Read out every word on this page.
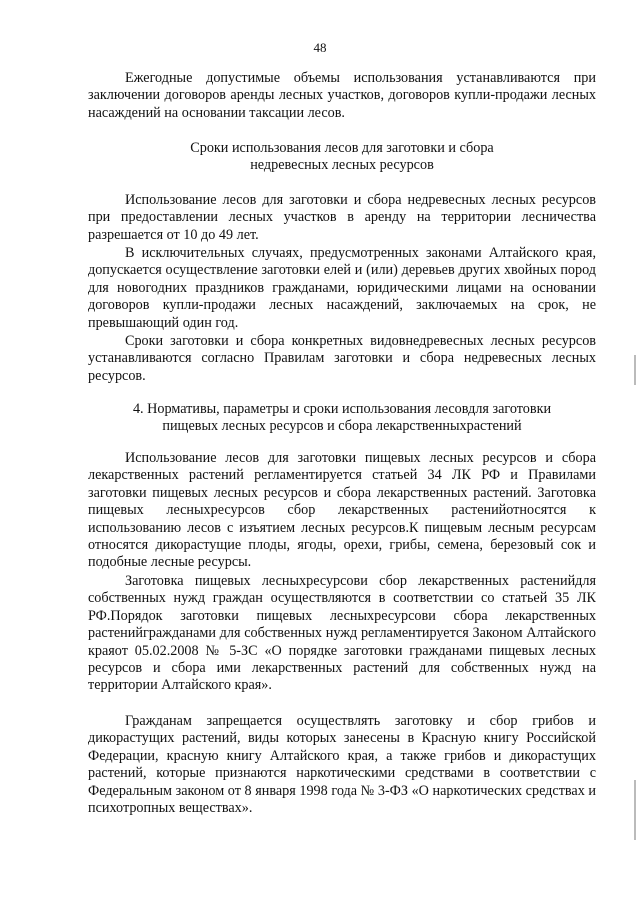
48
Ежегодные допустимые объемы использования устанавливаются при заключении договоров аренды лесных участков, договоров купли-продажи лесных насаждений на основании таксации лесов.
Сроки использования лесов для заготовки и сбора
недревесных лесных ресурсов
Использование лесов для заготовки и сбора недревесных лесных ресурсов при предоставлении лесных участков в аренду на территории лесничества разрешается от 10 до 49 лет.
В исключительных случаях, предусмотренных законами Алтайского края, допускается осуществление заготовки елей и (или) деревьев других хвойных пород для новогодних праздников гражданами, юридическими лицами на основании договоров купли-продажи лесных насаждений, заключаемых на срок, не превышающий один год.
Сроки заготовки и сбора конкретных видовнедревесных лесных ресурсов устанавливаются согласно Правилам заготовки и сбора недревесных лесных ресурсов.
4. Нормативы, параметры и сроки использования лесовдля заготовки
пищевых лесных ресурсов и сбора лекарственныхрастений
Использование лесов для заготовки пищевых лесных ресурсов и сбора лекарственных растений регламентируется статьей 34 ЛК РФ и Правилами заготовки пищевых лесных ресурсов и сбора лекарственных растений. Заготовка пищевых лесныхресурсов сбор лекарственных растенийотносятся к использованию лесов с изъятием лесных ресурсов.К пищевым лесным ресурсам относятся дикорастущие плоды, ягоды, орехи, грибы, семена, березовый сок и подобные лесные ресурсы.
Заготовка пищевых лесныхресурсови сбор лекарственных растенийдля собственных нужд граждан осуществляются в соответствии со статьей 35 ЛК РФ.Порядок заготовки пищевых лесныхресурсови сбора лекарственных растенийгражданами для собственных нужд регламентируется Законом Алтайского краяот 05.02.2008 № 5-ЗС «О порядке заготовки гражданами пищевых лесных ресурсов и сбора ими лекарственных растений для собственных нужд на территории Алтайского края».
Гражданам запрещается осуществлять заготовку и сбор грибов и дикорастущих растений, виды которых занесены в Красную книгу Российской Федерации, красную книгу Алтайского края, а также грибов и дикорастущих растений, которые признаются наркотическими средствами в соответствии с Федеральным законом от 8 января 1998 года № 3-ФЗ «О наркотических средствах и психотропных веществах».
